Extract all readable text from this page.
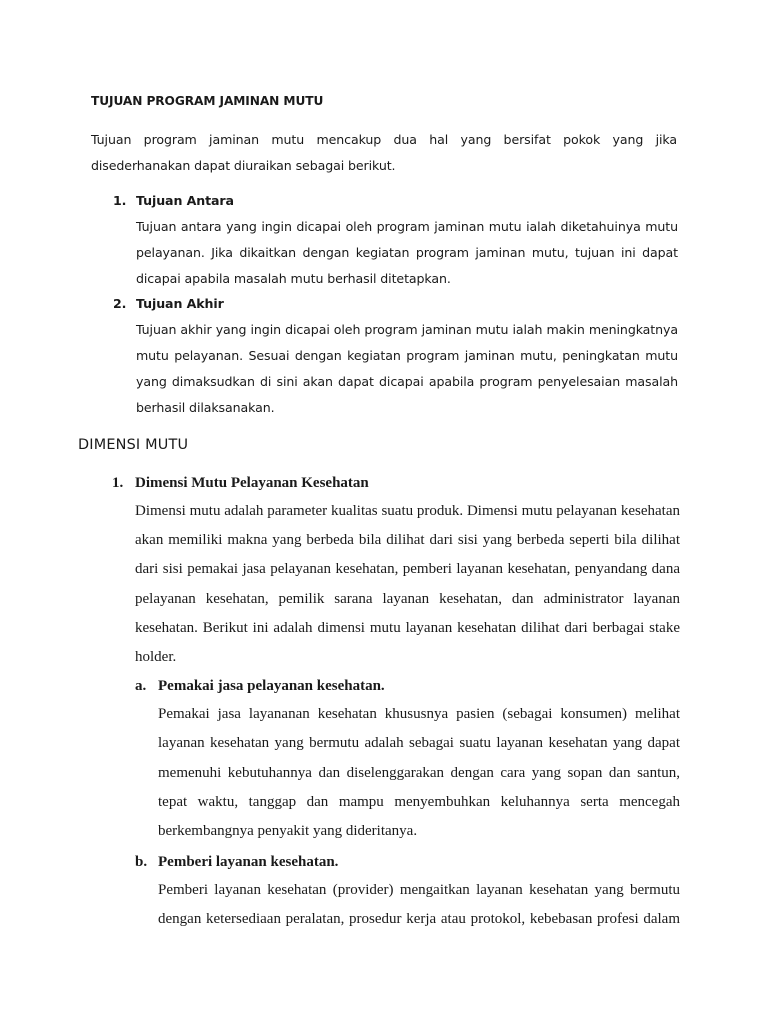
TUJUAN PROGRAM JAMINAN MUTU
Tujuan program jaminan mutu mencakup dua hal yang bersifat pokok yang jika disederhanakan dapat diuraikan sebagai berikut.
1. Tujuan Antara
Tujuan antara yang ingin dicapai oleh program jaminan mutu ialah diketahuinya mutu pelayanan. Jika dikaitkan dengan kegiatan program jaminan mutu, tujuan ini dapat dicapai apabila masalah mutu berhasil ditetapkan.
2. Tujuan Akhir
Tujuan akhir yang ingin dicapai oleh program jaminan mutu ialah makin meningkatnya mutu pelayanan. Sesuai dengan kegiatan program jaminan mutu, peningkatan mutu yang dimaksudkan di sini akan dapat dicapai apabila program penyelesaian masalah berhasil dilaksanakan.
DIMENSI MUTU
1. Dimensi Mutu Pelayanan Kesehatan
Dimensi mutu adalah parameter kualitas suatu produk. Dimensi mutu pelayanan kesehatan akan memiliki makna yang berbeda bila dilihat dari sisi yang berbeda seperti bila dilihat dari sisi pemakai jasa pelayanan kesehatan, pemberi layanan kesehatan, penyandang dana pelayanan kesehatan, pemilik sarana layanan kesehatan, dan administrator layanan kesehatan. Berikut ini adalah dimensi mutu layanan kesehatan dilihat dari berbagai stake holder.
a. Pemakai jasa pelayanan kesehatan.
Pemakai jasa layananan kesehatan khususnya pasien (sebagai konsumen) melihat layanan kesehatan yang bermutu adalah sebagai suatu layanan kesehatan yang dapat memenuhi kebutuhannya dan diselenggarakan dengan cara yang sopan dan santun, tepat waktu, tanggap dan mampu menyembuhkan keluhannya serta mencegah berkembangnya penyakit yang dideritanya.
b. Pemberi layanan kesehatan.
Pemberi layanan kesehatan (provider) mengaitkan layanan kesehatan yang bermutu dengan ketersediaan peralatan, prosedur kerja atau protokol, kebebasan profesi dalam
